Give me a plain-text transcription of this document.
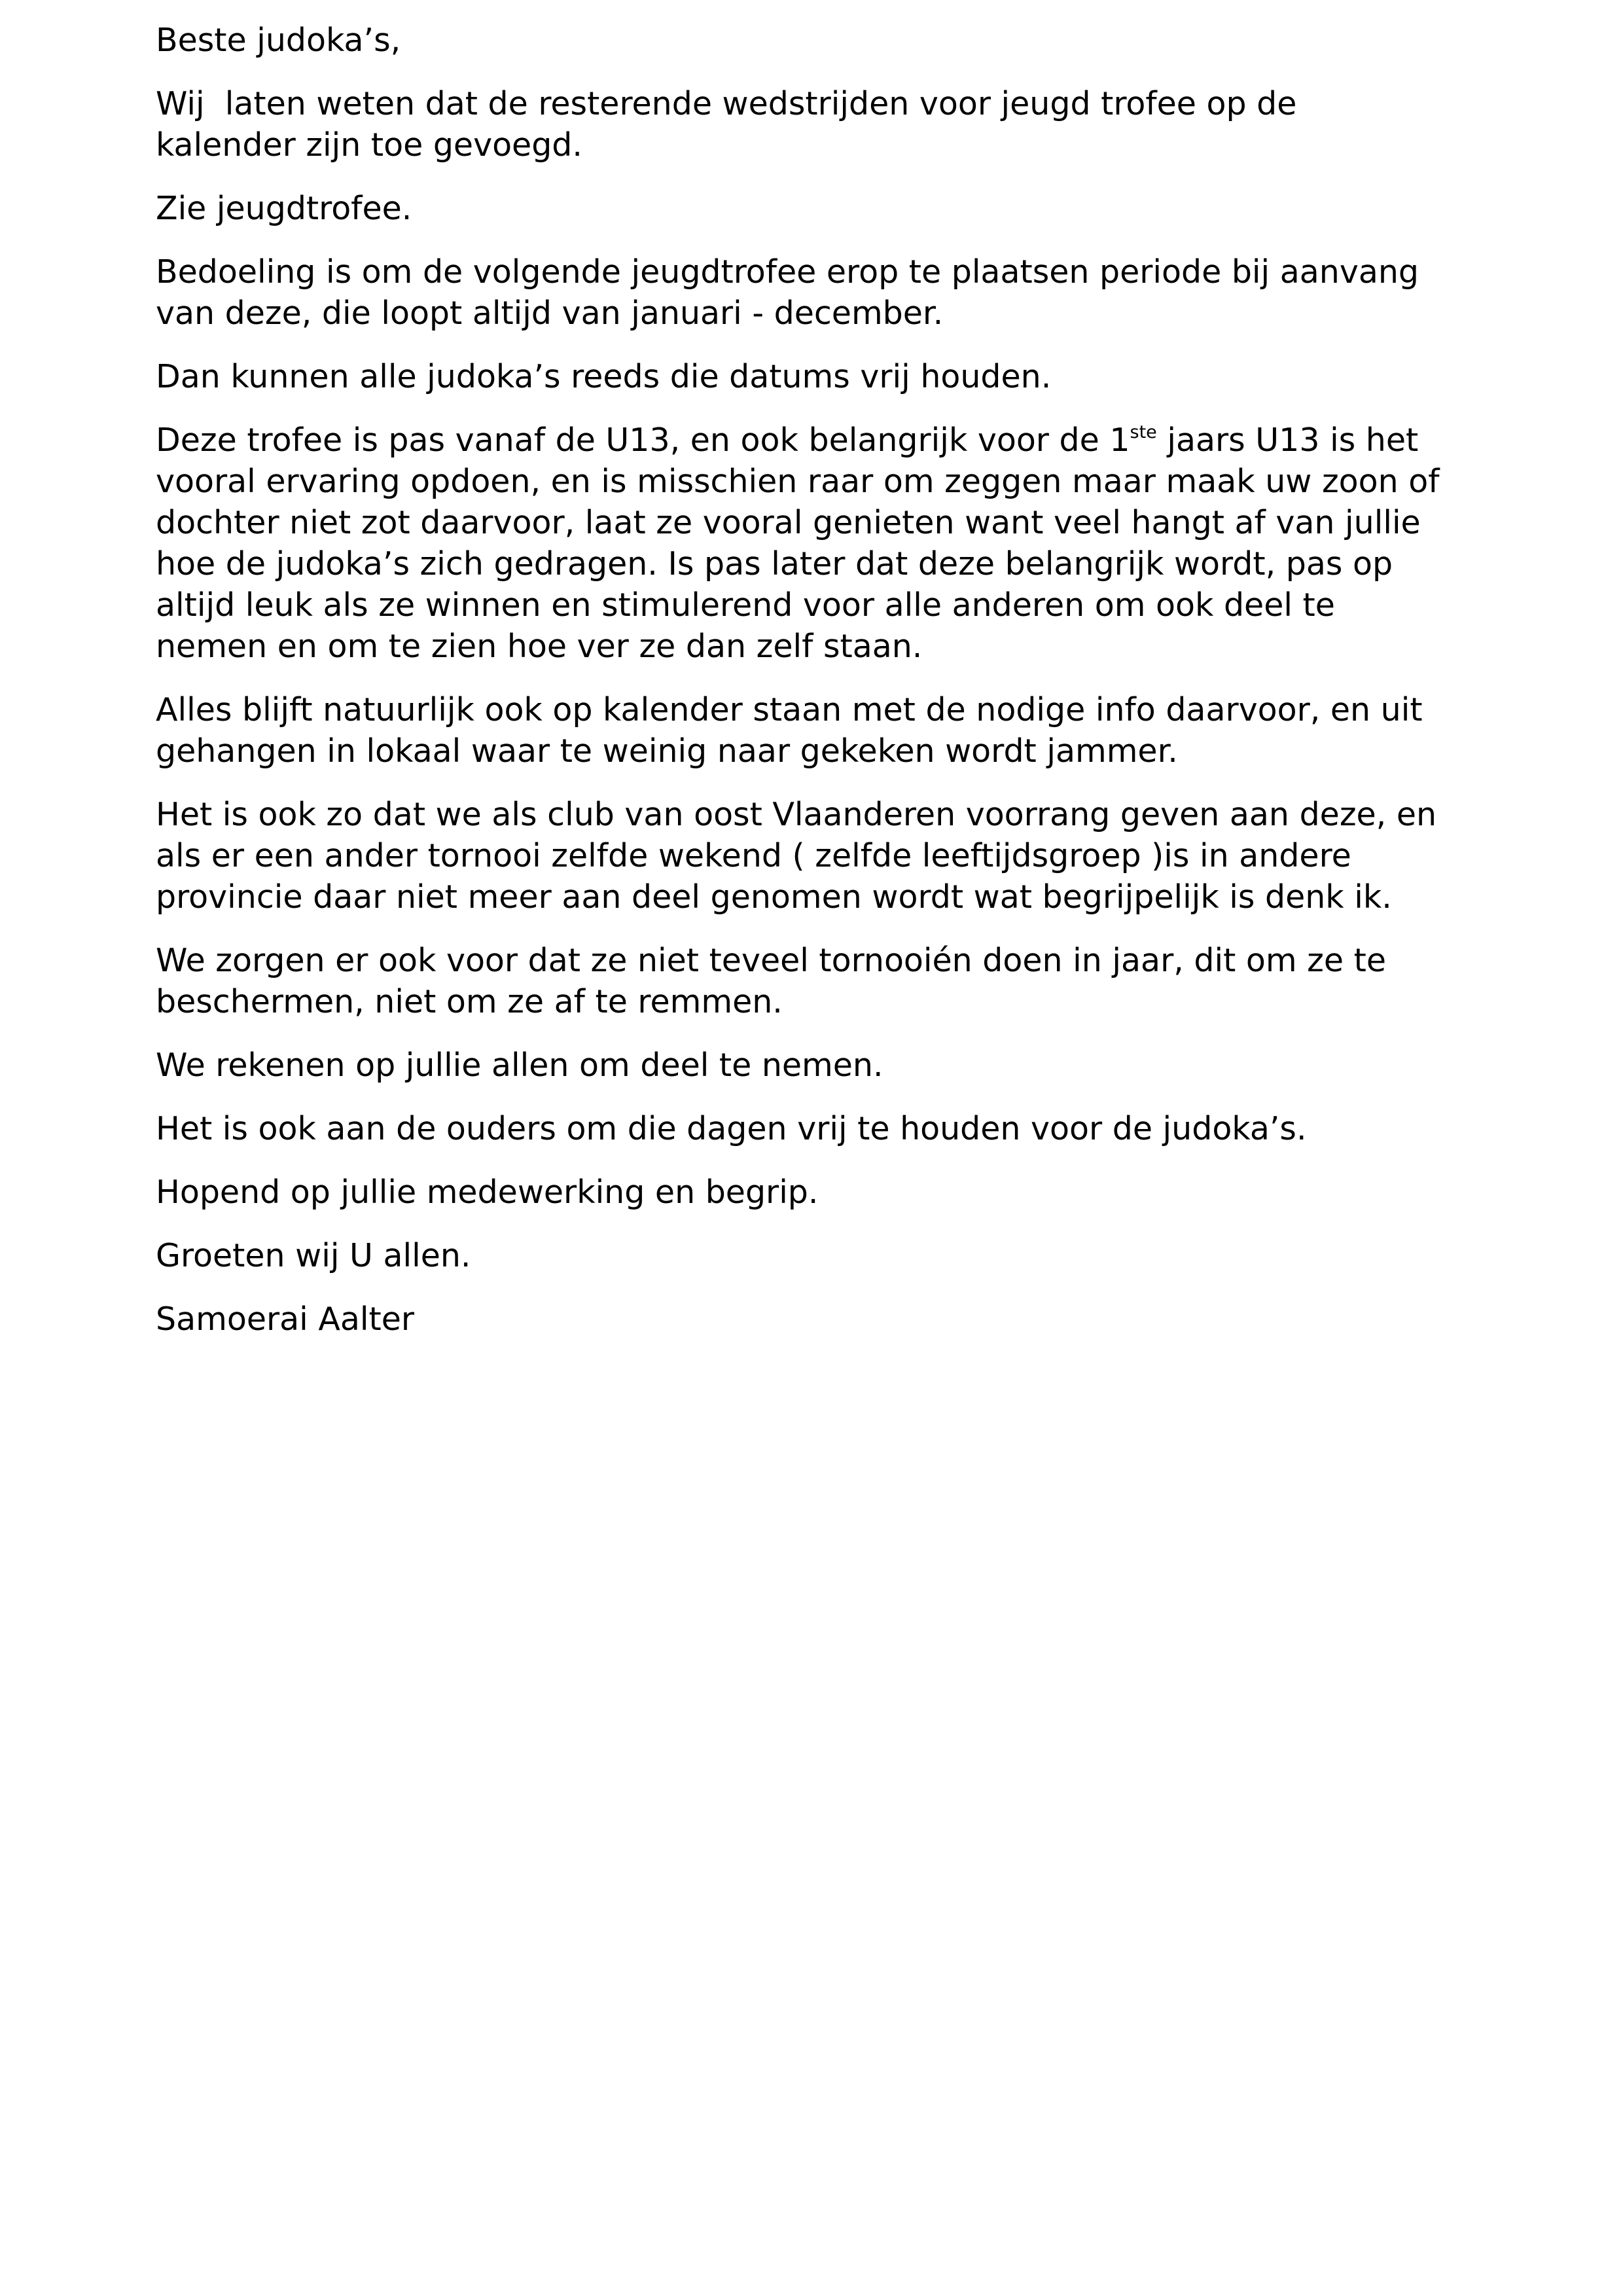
Beste judoka’s,

Wij  laten weten dat de resterende wedstrijden voor jeugd trofee op de
kalender zijn toe gevoegd.

Zie jeugdtrofee.

Bedoeling is om de volgende jeugdtrofee erop te plaatsen periode bij aanvang
van deze, die loopt altijd van januari - december.

Dan kunnen alle judoka’s reeds die datums vrij houden.

Deze trofee is pas vanaf de U13, en ook belangrijk voor de 1ste jaars U13 is het
vooral ervaring opdoen, en is misschien raar om zeggen maar maak uw zoon of
dochter niet zot daarvoor, laat ze vooral genieten want veel hangt af van jullie
hoe de judoka’s zich gedragen. Is pas later dat deze belangrijk wordt, pas op
altijd leuk als ze winnen en stimulerend voor alle anderen om ook deel te
nemen en om te zien hoe ver ze dan zelf staan.

Alles blijft natuurlijk ook op kalender staan met de nodige info daarvoor, en uit
gehangen in lokaal waar te weinig naar gekeken wordt jammer.

Het is ook zo dat we als club van oost Vlaanderen voorrang geven aan deze, en
als er een ander tornooi zelfde wekend ( zelfde leeftijdsgroep )is in andere
provincie daar niet meer aan deel genomen wordt wat begrijpelijk is denk ik.

We zorgen er ook voor dat ze niet teveel tornooién doen in jaar, dit om ze te
beschermen, niet om ze af te remmen.

We rekenen op jullie allen om deel te nemen.

Het is ook aan de ouders om die dagen vrij te houden voor de judoka’s.

Hopend op jullie medewerking en begrip.

Groeten wij U allen.

Samoerai Aalter
